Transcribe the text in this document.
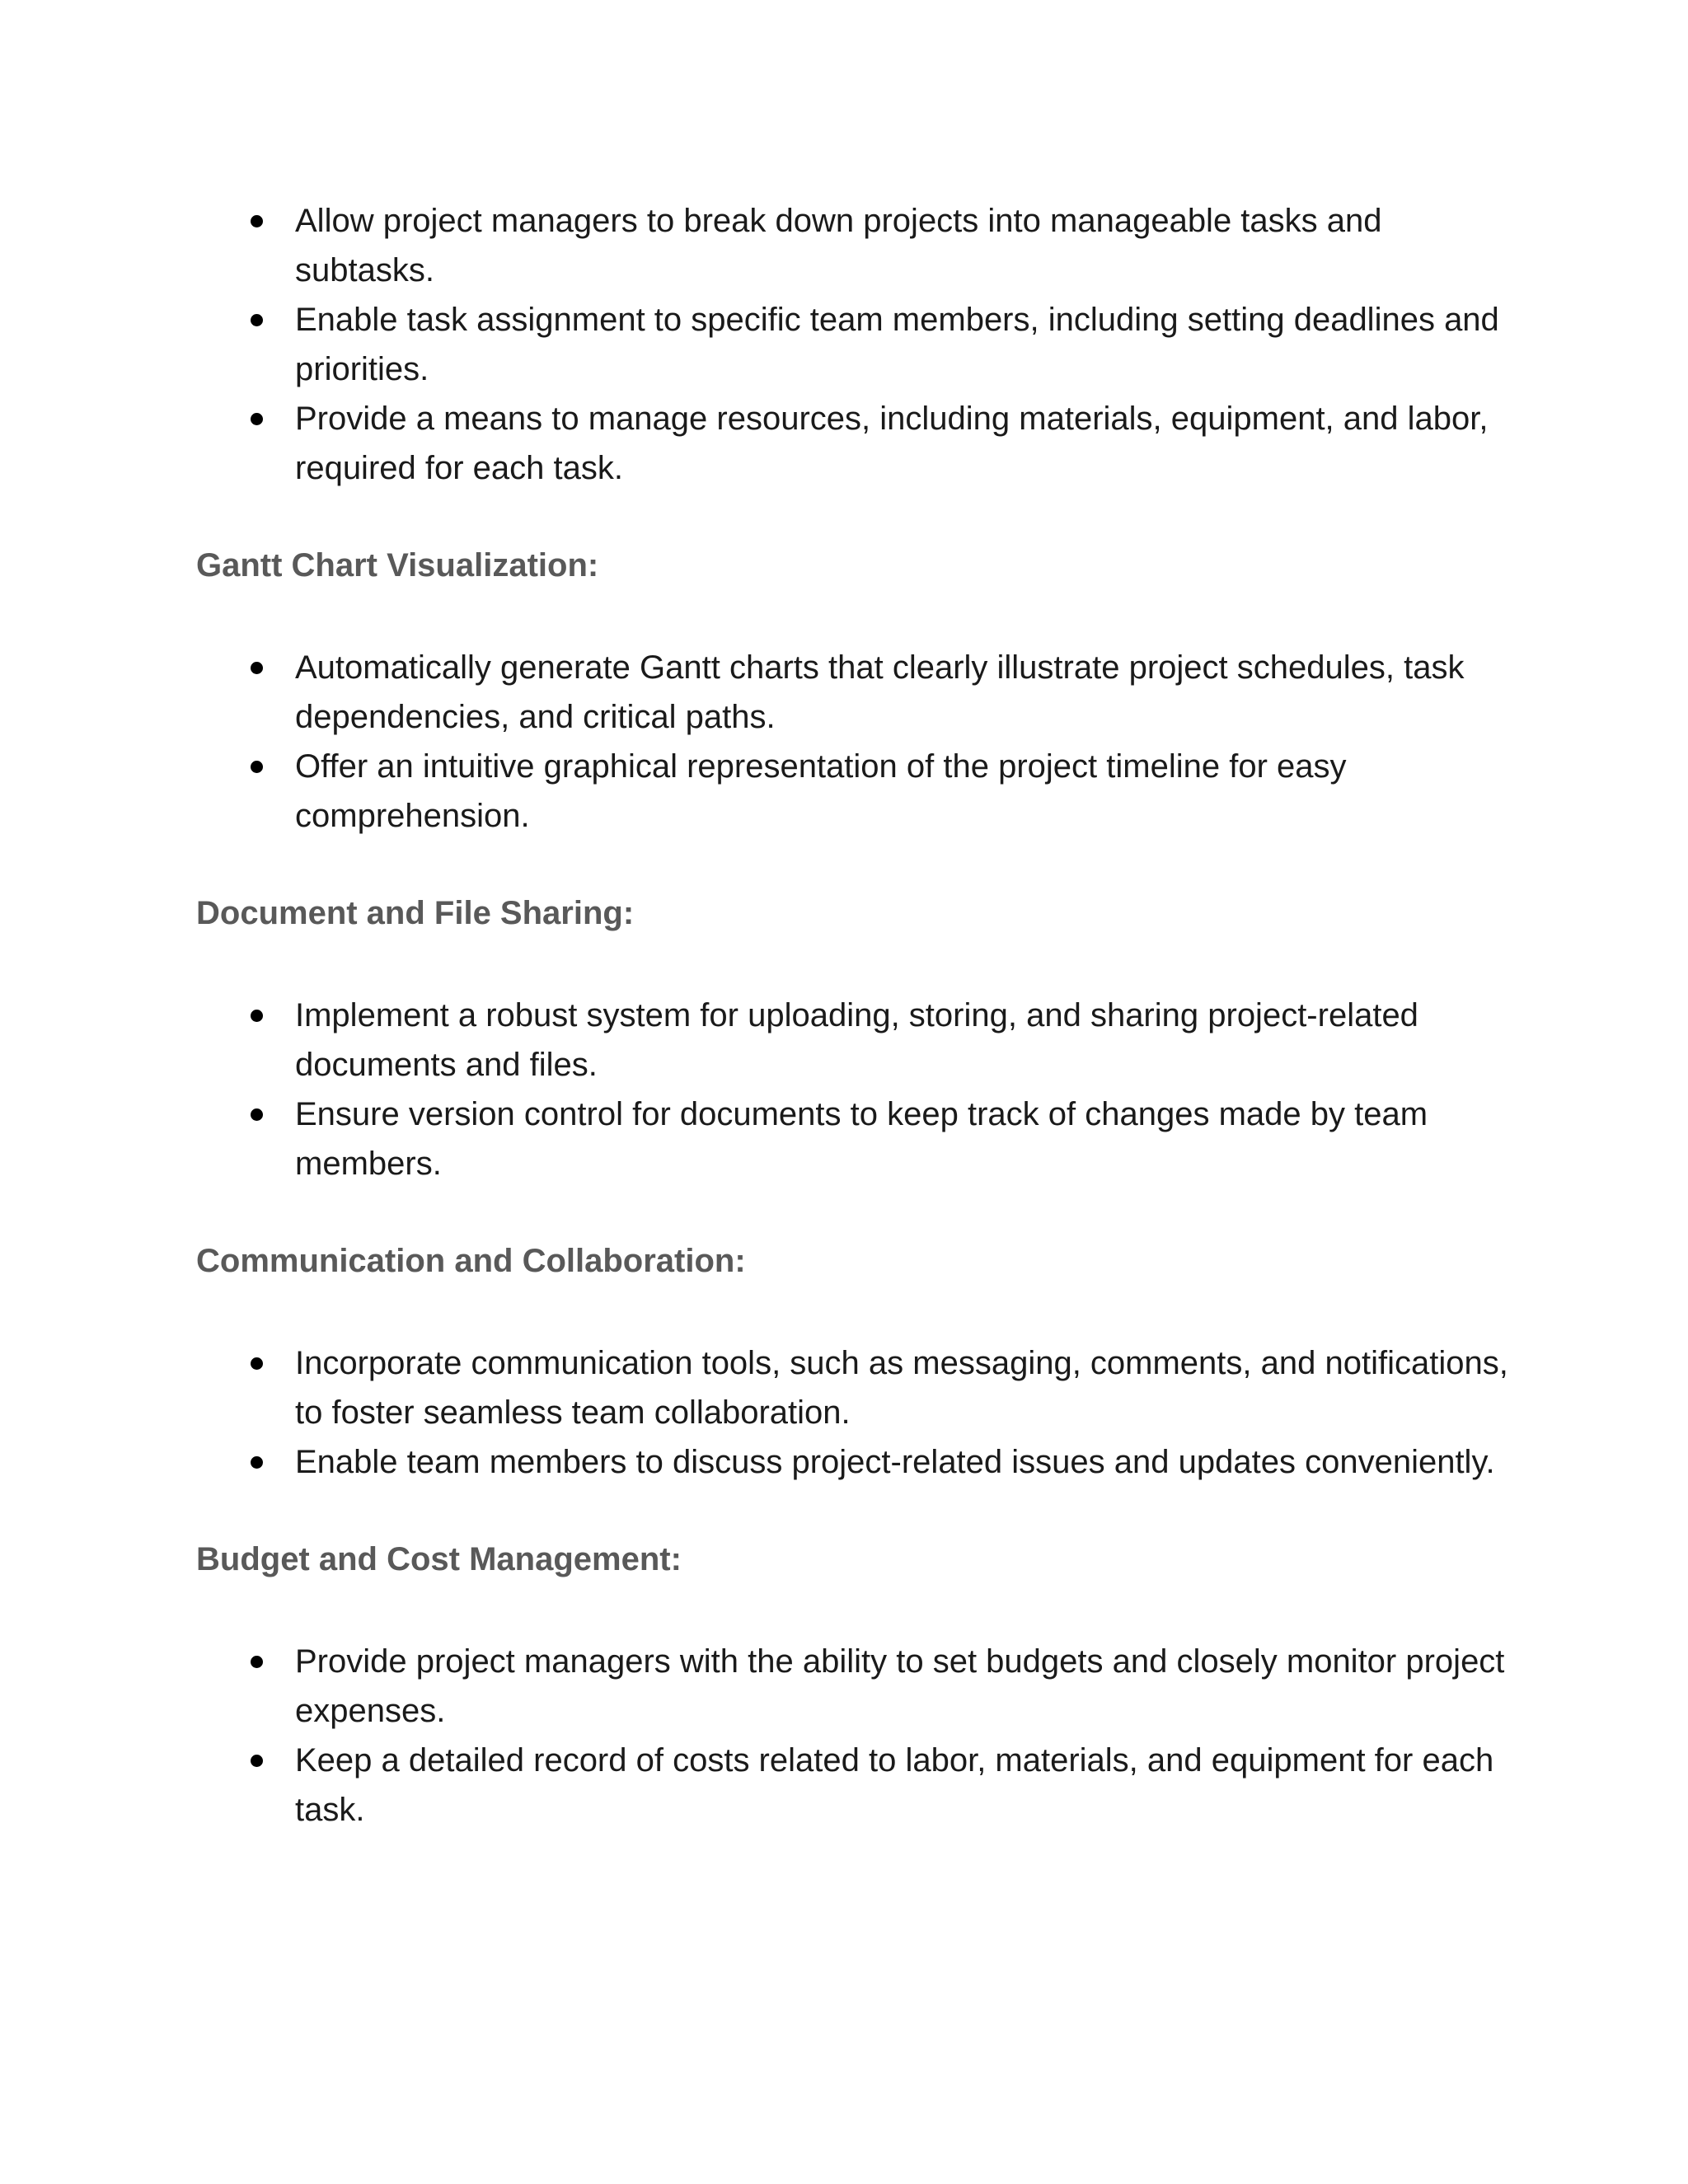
Allow project managers to break down projects into manageable tasks and subtasks.
Enable task assignment to specific team members, including setting deadlines and priorities.
Provide a means to manage resources, including materials, equipment, and labor, required for each task.
Gantt Chart Visualization:
Automatically generate Gantt charts that clearly illustrate project schedules, task dependencies, and critical paths.
Offer an intuitive graphical representation of the project timeline for easy comprehension.
Document and File Sharing:
Implement a robust system for uploading, storing, and sharing project-related documents and files.
Ensure version control for documents to keep track of changes made by team members.
Communication and Collaboration:
Incorporate communication tools, such as messaging, comments, and notifications, to foster seamless team collaboration.
Enable team members to discuss project-related issues and updates conveniently.
Budget and Cost Management:
Provide project managers with the ability to set budgets and closely monitor project expenses.
Keep a detailed record of costs related to labor, materials, and equipment for each task.
